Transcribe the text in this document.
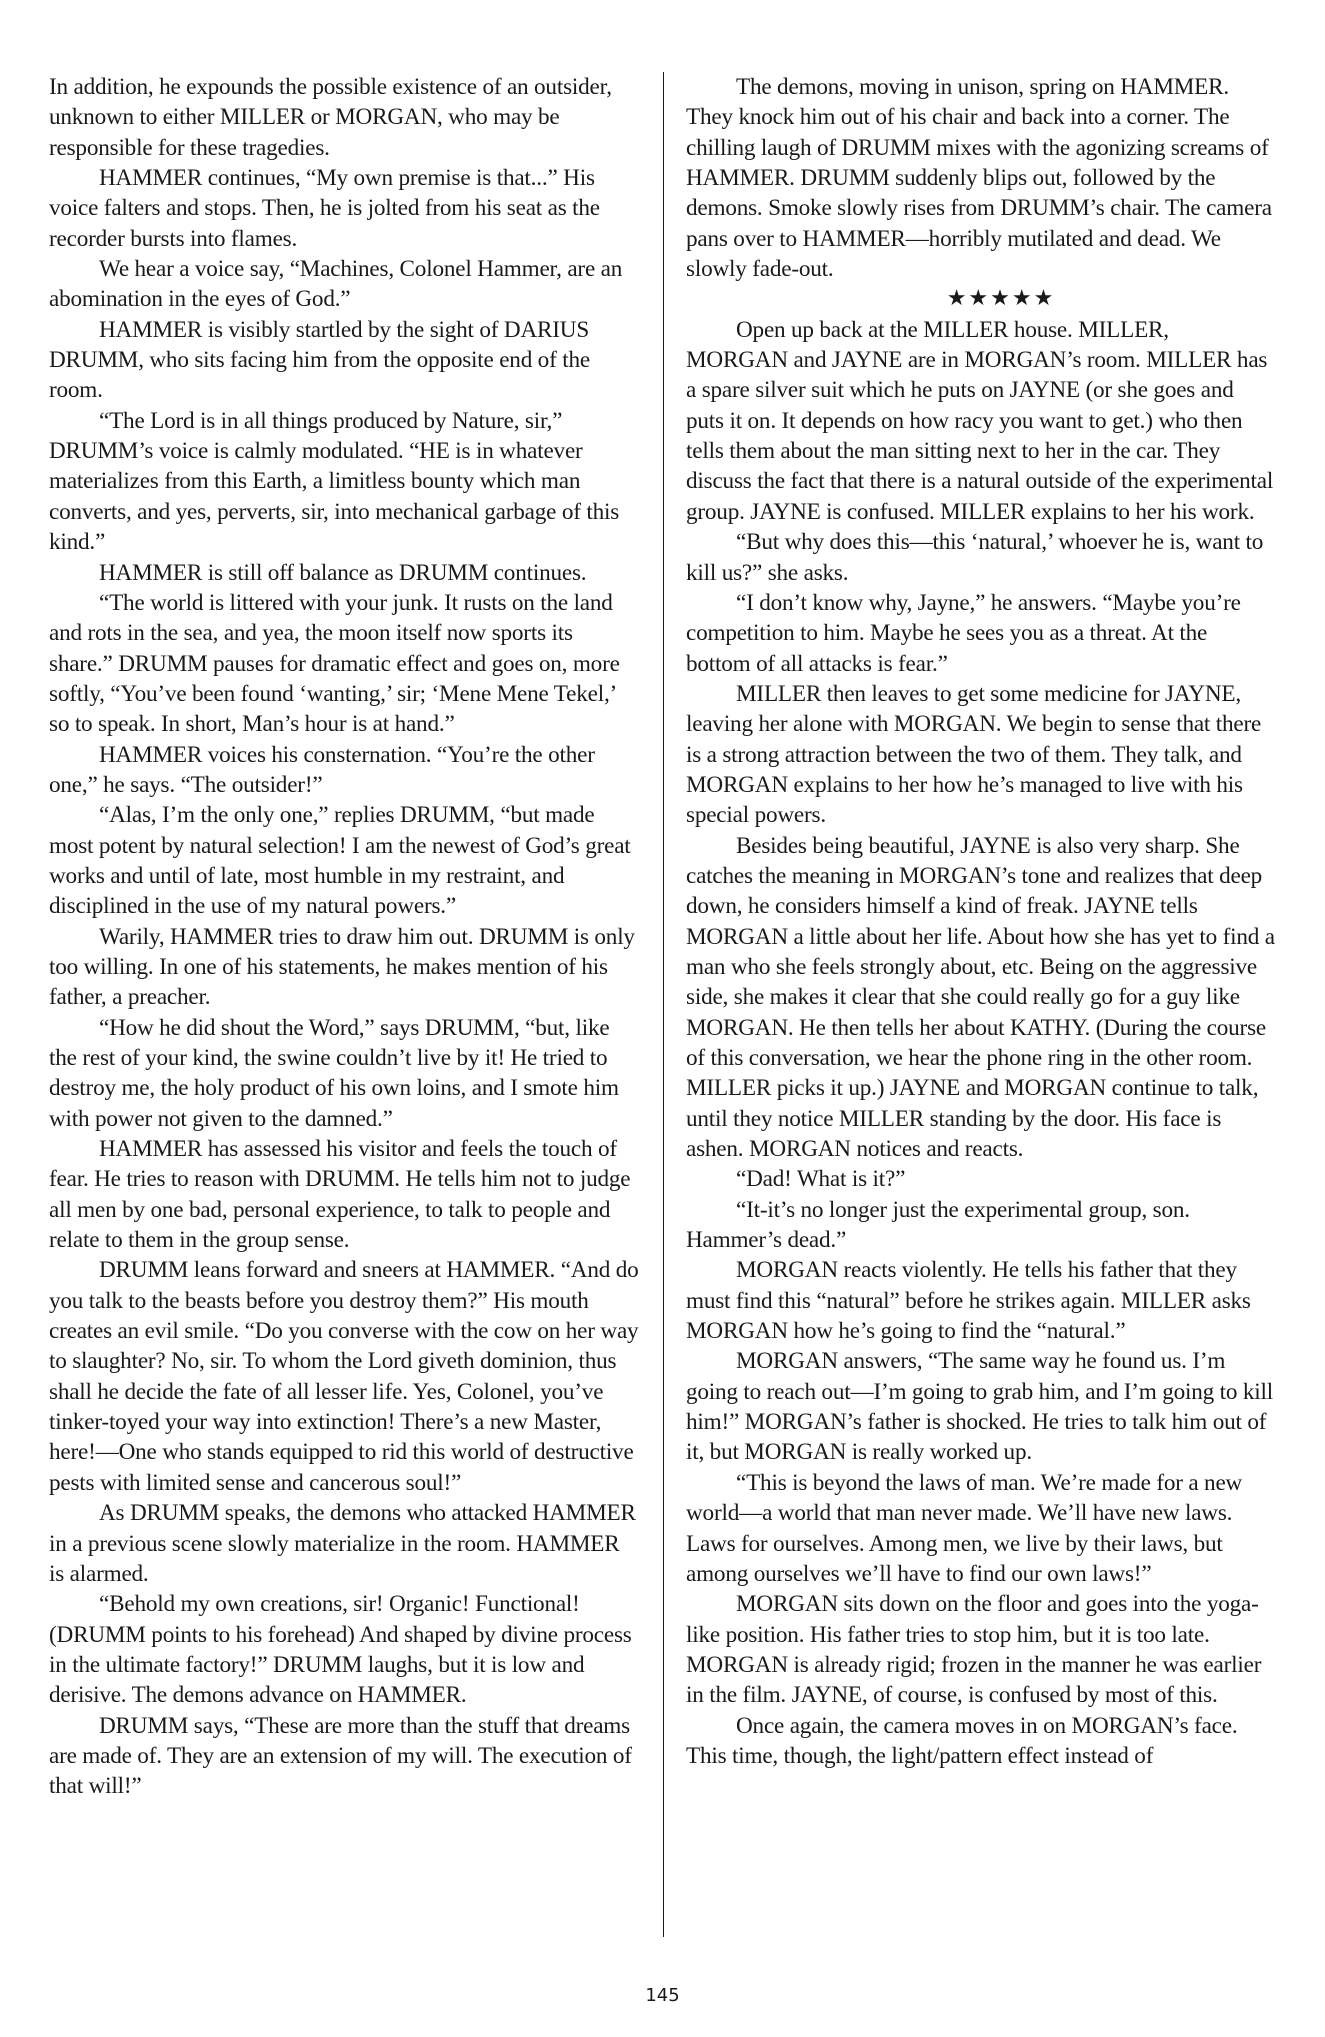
In addition, he expounds the possible existence of an outsider, unknown to either MILLER or MORGAN, who may be responsible for these tragedies.

HAMMER continues, “My own premise is that...” His voice falters and stops. Then, he is jolted from his seat as the recorder bursts into flames.

We hear a voice say, “Machines, Colonel Hammer, are an abomination in the eyes of God.”

HAMMER is visibly startled by the sight of DARIUS DRUMM, who sits facing him from the opposite end of the room.

“The Lord is in all things produced by Nature, sir,” DRUMM’s voice is calmly modulated. “HE is in whatever materializes from this Earth, a limitless bounty which man converts, and yes, perverts, sir, into mechanical garbage of this kind.”

HAMMER is still off balance as DRUMM continues.

“The world is littered with your junk. It rusts on the land and rots in the sea, and yea, the moon itself now sports its share.” DRUMM pauses for dramatic effect and goes on, more softly, “You’ve been found ‘wanting,’ sir; ‘Mene Mene Tekel,’ so to speak. In short, Man’s hour is at hand.”

HAMMER voices his consternation. “You’re the other one,” he says. “The outsider!”

“Alas, I’m the only one,” replies DRUMM, “but made most potent by natural selection! I am the newest of God’s great works and until of late, most humble in my restraint, and disciplined in the use of my natural powers.”

Warily, HAMMER tries to draw him out. DRUMM is only too willing. In one of his statements, he makes mention of his father, a preacher.

“How he did shout the Word,” says DRUMM, “but, like the rest of your kind, the swine couldn’t live by it! He tried to destroy me, the holy product of his own loins, and I smote him with power not given to the damned.”

HAMMER has assessed his visitor and feels the touch of fear. He tries to reason with DRUMM. He tells him not to judge all men by one bad, personal experience, to talk to people and relate to them in the group sense.

DRUMM leans forward and sneers at HAMMER. “And do you talk to the beasts before you destroy them?” His mouth creates an evil smile. “Do you converse with the cow on her way to slaughter? No, sir. To whom the Lord giveth dominion, thus shall he decide the fate of all lesser life. Yes, Colonel, you’ve tinker-toyed your way into extinction! There’s a new Master, here!—One who stands equipped to rid this world of destructive pests with limited sense and cancerous soul!”

As DRUMM speaks, the demons who attacked HAMMER in a previous scene slowly materialize in the room. HAMMER is alarmed.

“Behold my own creations, sir! Organic! Functional! (DRUMM points to his forehead) And shaped by divine process in the ultimate factory!” DRUMM laughs, but it is low and derisive. The demons advance on HAMMER.

DRUMM says, “These are more than the stuff that dreams are made of. They are an extension of my will. The execution of that will!”

The demons, moving in unison, spring on HAMMER. They knock him out of his chair and back into a corner. The chilling laugh of DRUMM mixes with the agonizing screams of HAMMER. DRUMM suddenly blips out, followed by the demons. Smoke slowly rises from DRUMM’s chair. The camera pans over to HAMMER—horribly mutilated and dead. We slowly fade-out.

★★★★★

Open up back at the MILLER house. MILLER, MORGAN and JAYNE are in MORGAN’s room. MILLER has a spare silver suit which he puts on JAYNE (or she goes and puts it on. It depends on how racy you want to get.) who then tells them about the man sitting next to her in the car. They discuss the fact that there is a natural outside of the experimental group. JAYNE is confused. MILLER explains to her his work.

“But why does this—this ‘natural,’ whoever he is, want to kill us?” she asks.

“I don’t know why, Jayne,” he answers. “Maybe you’re competition to him. Maybe he sees you as a threat. At the bottom of all attacks is fear.”

MILLER then leaves to get some medicine for JAYNE, leaving her alone with MORGAN. We begin to sense that there is a strong attraction between the two of them. They talk, and MORGAN explains to her how he’s managed to live with his special powers.

Besides being beautiful, JAYNE is also very sharp. She catches the meaning in MORGAN’s tone and realizes that deep down, he considers himself a kind of freak. JAYNE tells MORGAN a little about her life. About how she has yet to find a man who she feels strongly about, etc. Being on the aggressive side, she makes it clear that she could really go for a guy like MORGAN. He then tells her about KATHY. (During the course of this conversation, we hear the phone ring in the other room. MILLER picks it up.) JAYNE and MORGAN continue to talk, until they notice MILLER standing by the door. His face is ashen. MORGAN notices and reacts.

“Dad! What is it?”

“It-it’s no longer just the experimental group, son. Hammer’s dead.”

MORGAN reacts violently. He tells his father that they must find this “natural” before he strikes again. MILLER asks MORGAN how he’s going to find the “natural.”

MORGAN answers, “The same way he found us. I’m going to reach out—I’m going to grab him, and I’m going to kill him!” MORGAN’s father is shocked. He tries to talk him out of it, but MORGAN is really worked up.

“This is beyond the laws of man. We’re made for a new world—a world that man never made. We’ll have new laws. Laws for ourselves. Among men, we live by their laws, but among ourselves we’ll have to find our own laws!”

MORGAN sits down on the floor and goes into the yoga-like position. His father tries to stop him, but it is too late. MORGAN is already rigid; frozen in the manner he was earlier in the film. JAYNE, of course, is confused by most of this.

Once again, the camera moves in on MORGAN’s face. This time, though, the light/pattern effect instead of

145
